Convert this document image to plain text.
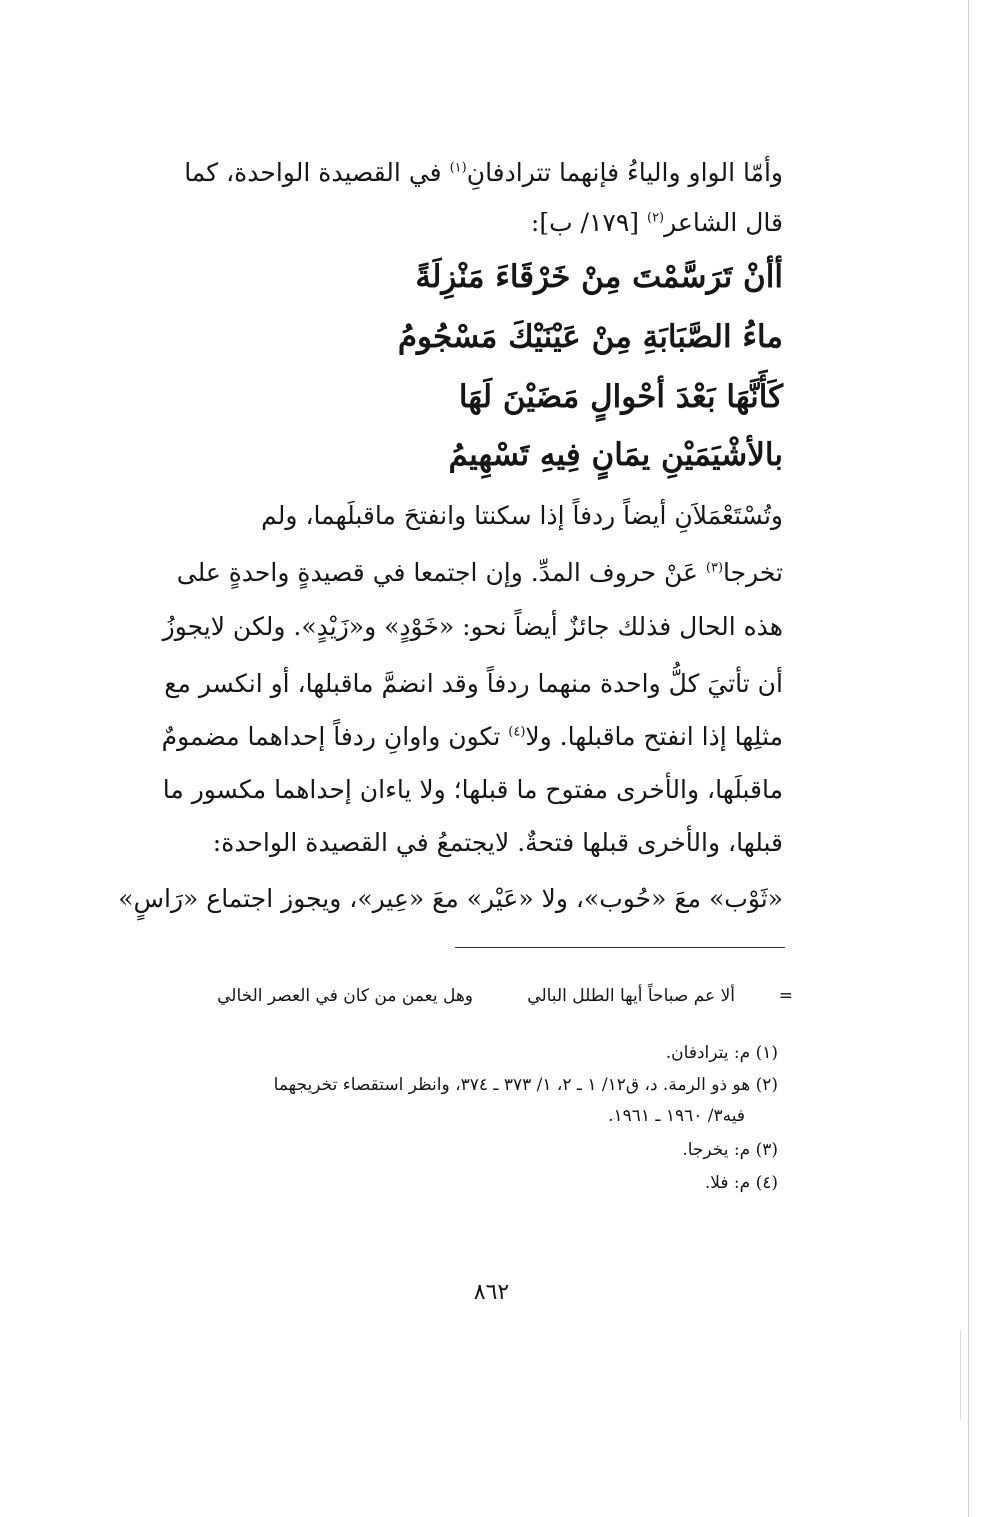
وأمّا الواو والياءُ فإنهما تترادفانِ$^{(١)}$ في القصيدة الواحدة، كما
قال الشاعر$^{(٢)}$ [١٧٩/ ب]:
أأنْ تَرَسَّمْتَ مِنْ خَرْقَاءَ مَنْزِلَةً
ماءُ الصَّبَابَةِ مِنْ عَيْنَيْكَ مَسْجُومُ
كَأَنَّهَا بَعْدَ أحْوالٍ مَضَيْنَ لَهَا
بالأشْيَمَيْنِ يمَانٍ فِيهِ تَسْهِيمُ
وتُسْتَعْمَلاَنِ أيضاً ردفاً إذا سكنتا وانفتحَ ماقبلَهما، ولم
تخرجا$^{(٣)}$ عَنْ حروف المدِّ. وإن اجتمعا في قصيدةٍ واحدةٍ على
هذه الحال فذلك جائزٌ أيضاً نحو: «خَوْدٍ» و«زَيْدٍ». ولكن لايجوزُ
أن تأتيَ كلُّ واحدة منهما ردفاً وقد انضمَّ ماقبلها، أو انكسر مع
مثلِها إذا انفتح ماقبلها. ولا$^{(٤)}$ تكون واوانِ ردفاً إحداهما مضمومٌ
ماقبلَها، والأخرى مفتوح ما قبلها؛ ولا ياءان إحداهما مكسور ما
قبلها، والأخرى قبلها فتحةٌ. لايجتمعُ في القصيدة الواحدة:
«ثَوْب» معَ «حُوب»، ولا «عَيْر» معَ «عِير»، ويجوز اجتماع «رَاسٍ»
=
ألا عم صباحاً أيها الطلل البالي
وهل يعمن من كان في العصر الخالي
(١) م: يترادفان.
(٢) هو ذو الرمة. د، ق١٢/ ١ ـ ٢، ١/ ٣٧٣ ـ ٣٧٤، وانظر استقصاء تخريجهما
فيه٣/ ١٩٦٠ ـ ١٩٦١.
(٣) م: يخرجا.
(٤) م: فلا.
٨٦٢
